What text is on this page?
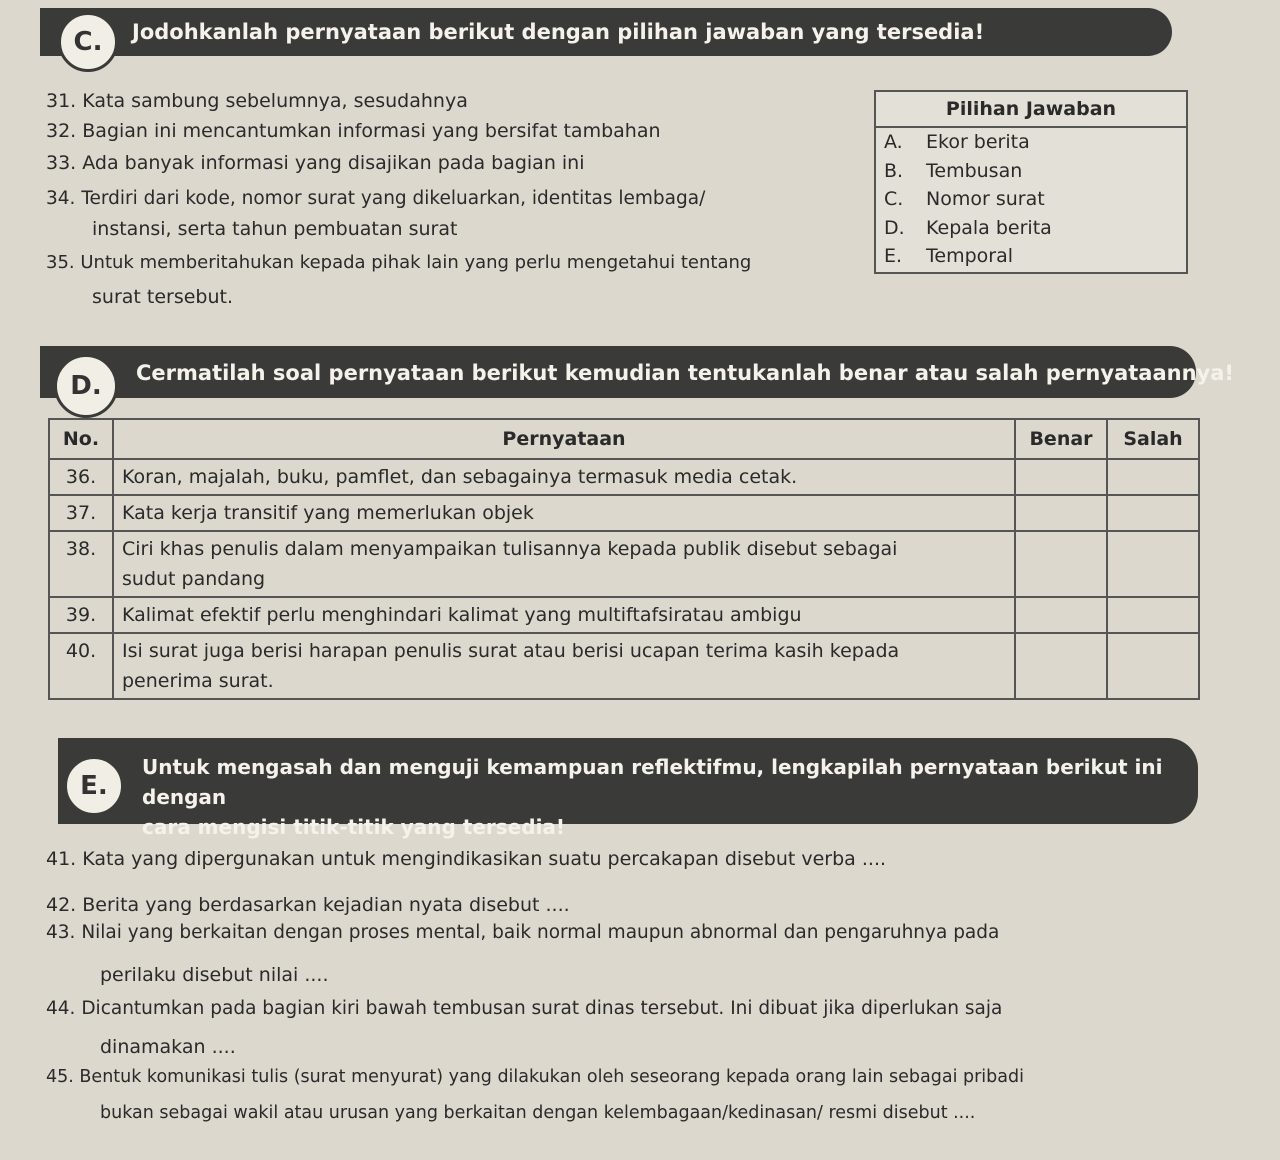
C.	Jodohkanlah pernyataan berikut dengan pilihan jawaban yang tersedia!
31. Kata sambung sebelumnya, sesudahnya
32. Bagian ini mencantumkan informasi yang bersifat tambahan
33. Ada banyak informasi yang disajikan pada bagian ini
34. Terdiri dari kode, nomor surat yang dikeluarkan, identitas lembaga/
instansi, serta tahun pembuatan surat
35. Untuk memberitahukan kepada pihak lain yang perlu mengetahui tentang
surat tersebut.
Pilihan Jawaban
A.	Ekor berita
B.	Tembusan
C.	Nomor surat
D.	Kepala berita
E.	Temporal
D.	Cermatilah soal pernyataan berikut kemudian tentukanlah benar atau salah pernyataannya!
No.	Pernyataan	Benar	Salah
36.	Koran, majalah, buku, pamflet, dan sebagainya termasuk media cetak.		
37.	Kata kerja transitif yang memerlukan objek		
38.	Ciri khas penulis dalam menyampaikan tulisannya kepada publik disebut sebagai
sudut pandang		

39.	Kalimat efektif perlu menghindari kalimat yang multiftafsiratau ambigu		
40.	Isi surat juga berisi harapan penulis surat atau berisi ucapan terima kasih kepada
penerima surat.		

E.
Untuk mengasah dan menguji kemampuan reflektifmu, lengkapilah pernyataan berikut ini dengan
cara mengisi titik-titik yang tersedia!
41. Kata yang dipergunakan untuk mengindikasikan suatu percakapan disebut verba ....
42. Berita yang berdasarkan kejadian nyata disebut ....
43. Nilai yang berkaitan dengan proses mental, baik normal maupun abnormal dan pengaruhnya pada
perilaku disebut nilai ....
44. Dicantumkan pada bagian kiri bawah tembusan surat dinas tersebut. Ini dibuat jika diperlukan saja
dinamakan ....
45. Bentuk komunikasi tulis (surat menyurat) yang dilakukan oleh seseorang kepada orang lain sebagai pribadi
bukan sebagai wakil atau urusan yang berkaitan dengan kelembagaan/kedinasan/ resmi disebut ....
